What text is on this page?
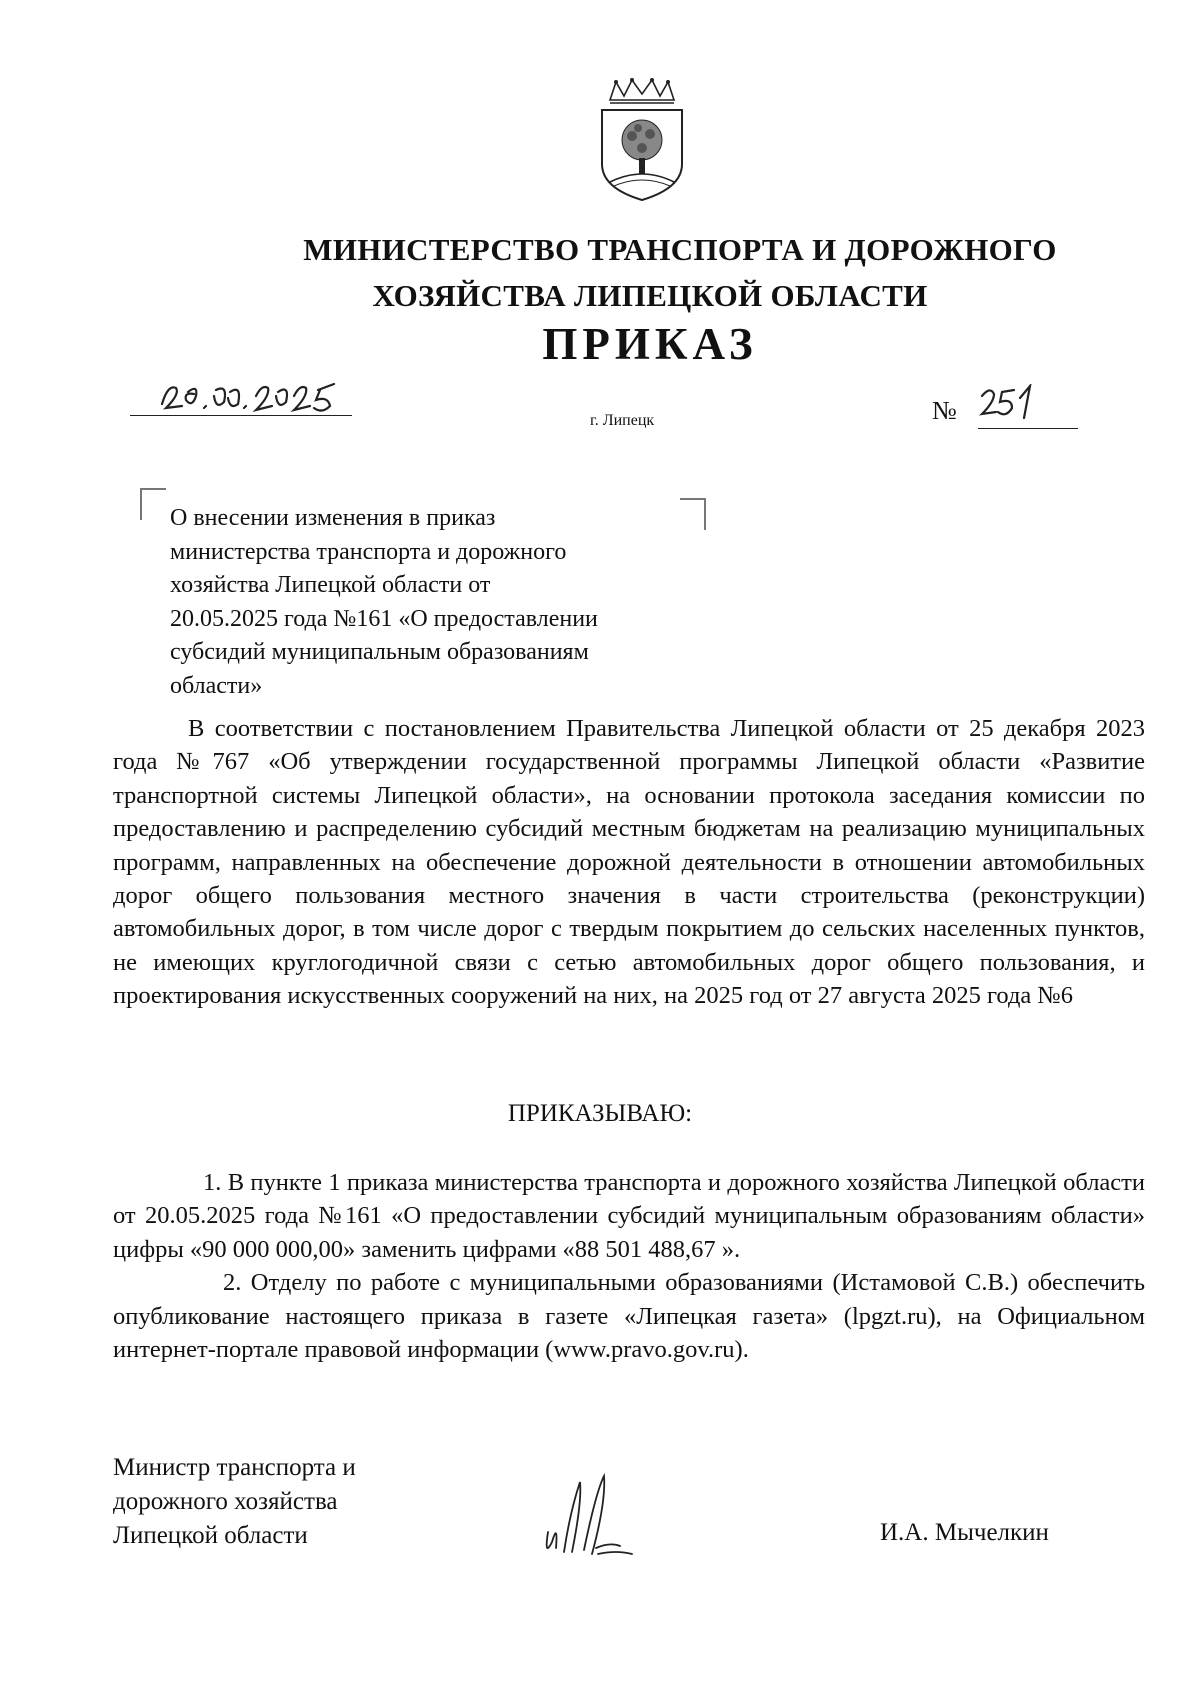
МИНИСТЕРСТВО ТРАНСПОРТА И ДОРОЖНОГО
ХОЗЯЙСТВА ЛИПЕЦКОЙ ОБЛАСТИ
ПРИКАЗ
г. Липецк	№
О внесении изменения в приказ
министерства транспорта и дорожного
хозяйства Липецкой области от
20.05.2025 года №161 «О предоставлении
субсидий муниципальным образованиям
области»

В соответствии с постановлением Правительства Липецкой области от 25 декабря 2023 года №767 «Об утверждении государственной программы Липецкой области «Развитие транспортной системы Липецкой области», на основании протокола заседания комиссии по предоставлению и распределению субсидий местным бюджетам на реализацию муниципальных программ, направленных на обеспечение дорожной деятельности в отношении автомобильных дорог общего пользования местного значения в части строительства (реконструкции) автомобильных дорог, в том числе дорог с твердым покрытием до сельских населенных пунктов, не имеющих круглогодичной связи с сетью автомобильных дорог общего пользования, и проектирования искусственных сооружений на них, на 2025 год от 27 августа 2025 года №6

ПРИКАЗЫВАЮ:

1. В пункте 1 приказа министерства транспорта и дорожного хозяйства Липецкой области от 20.05.2025 года №161 «О предоставлении субсидий муниципальным образованиям области» цифры «90 000 000,00» заменить цифрами «88 501 488,67 ».

2. Отделу по работе с муниципальными образованиями (Истамовой С.В.) обеспечить опубликование настоящего приказа в газете «Липецкая газета» (lpgzt.ru), на Официальном интернет-портале правовой информации (www.pravo.gov.ru).

Министр транспорта и
дорожного хозяйства
Липецкой области	И.А. Мычелкин
